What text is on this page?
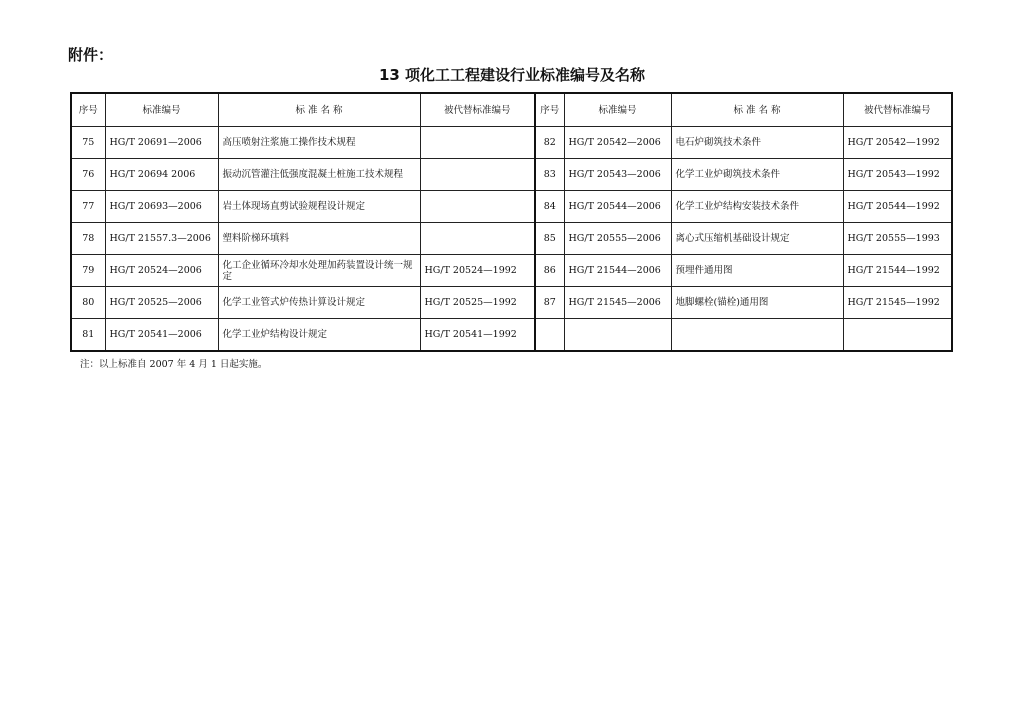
附件：
13 项化工工程建设行业标准编号及名称
序号	标准编号	标 准 名 称	被代替标准编号	序号	标准编号	标 准 名 称	被代替标准编号
75	HG/T 20691—2006	高压喷射注浆施工操作技术规程		82	HG/T 20542—2006	电石炉砌筑技术条件	HG/T 20542—1992
76	HG/T 20694 2006	振动沉管灌注低强度混凝土桩施工技术规程		83	HG/T 20543—2006	化学工业炉砌筑技术条件	HG/T 20543—1992
77	HG/T 20693—2006	岩土体现场直剪试验规程设计规定		84	HG/T 20544—2006	化学工业炉结构安装技术条件	HG/T 20544—1992
78	HG/T 21557.3—2006	塑料阶梯环填料		85	HG/T 20555—2006	离心式压缩机基础设计规定	HG/T 20555—1993
79	HG/T 20524—2006	化工企业循环冷却水处理加药装置设计统一规定	HG/T 20524—1992	86	HG/T 21544—2006	预埋件通用图	HG/T 21544—1992
80	HG/T 20525—2006	化学工业管式炉传热计算设计规定	HG/T 20525—1992	87	HG/T 21545—2006	地脚螺栓(锚栓)通用图	HG/T 21545—1992
81	HG/T 20541—2006	化学工业炉结构设计规定	HG/T 20541—1992				
注：以上标准自 2007 年 4 月 1 日起实施。
